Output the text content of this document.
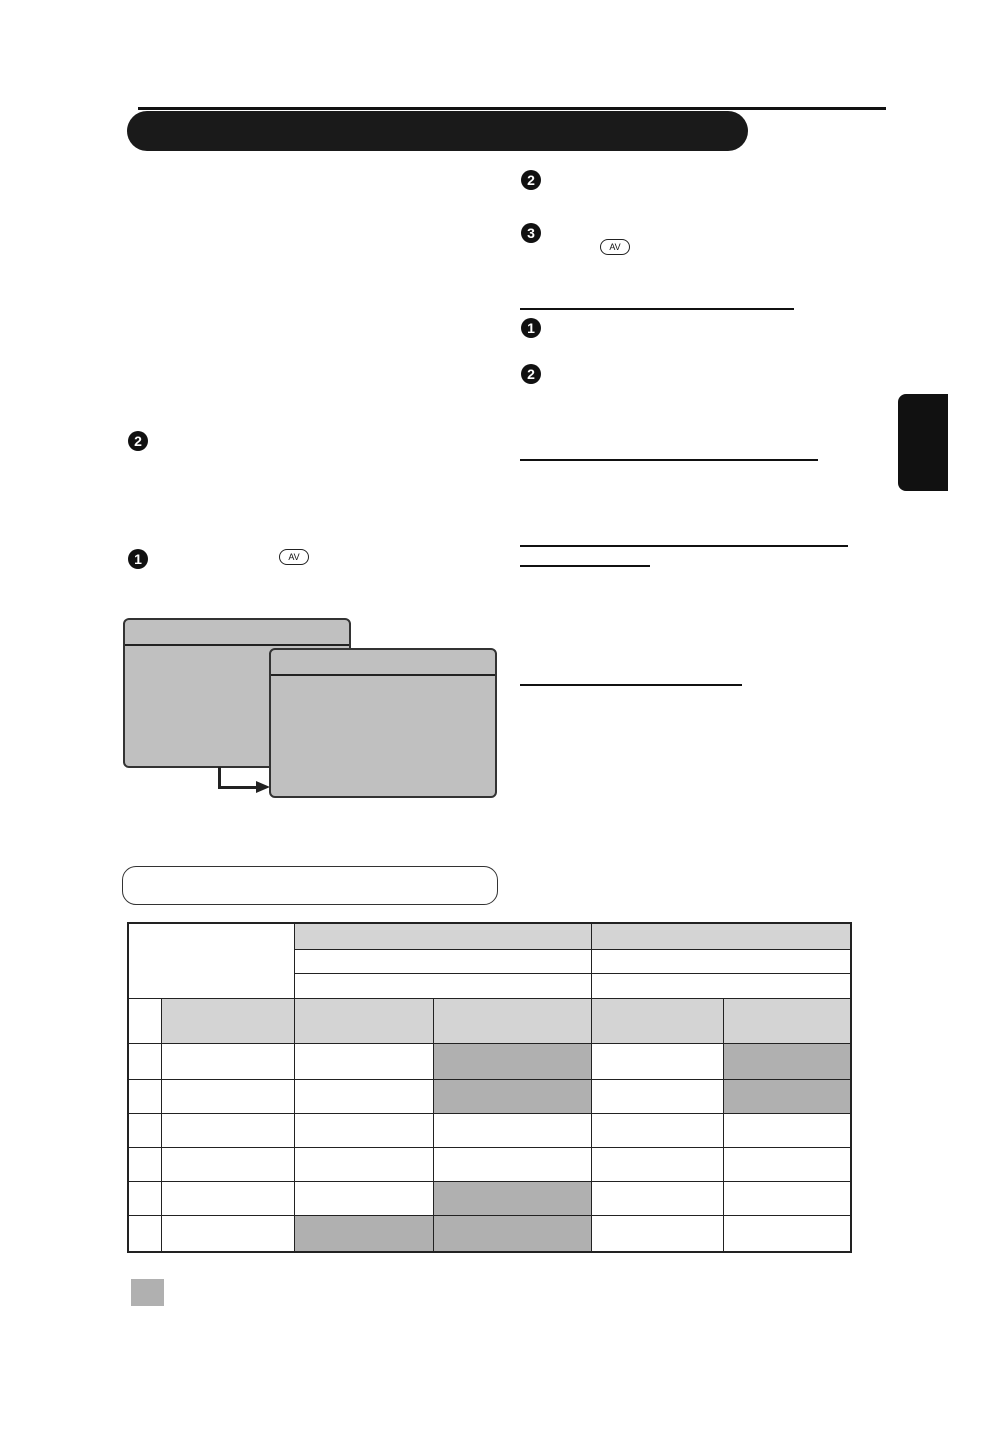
2
1	AV
2
3
AV
1
2
